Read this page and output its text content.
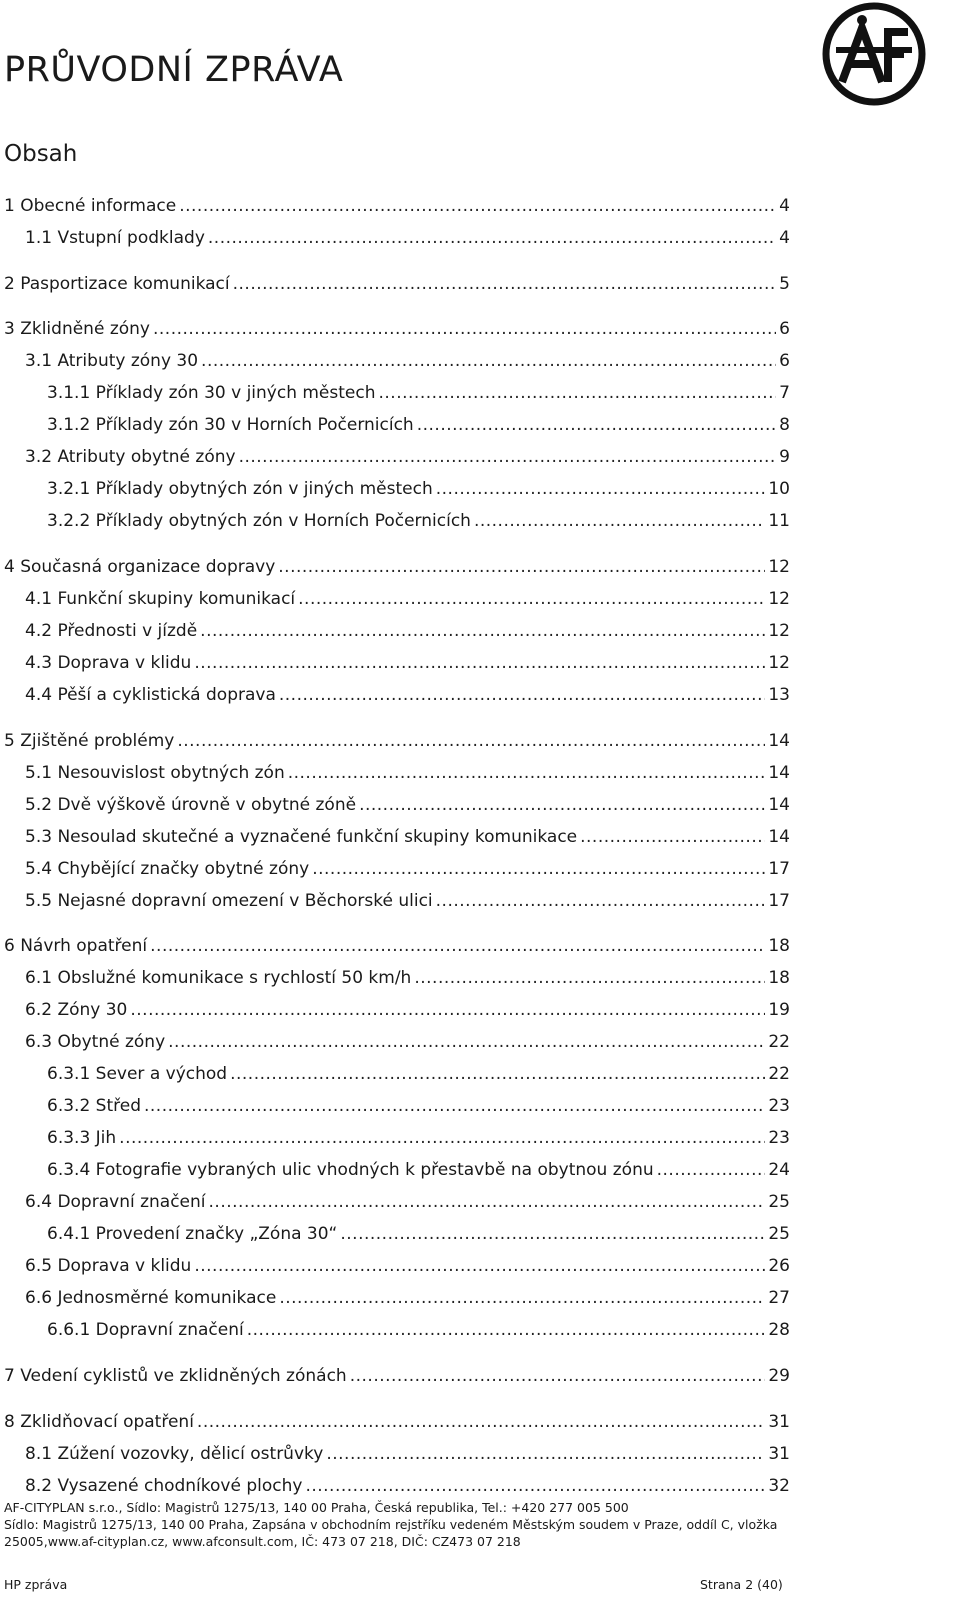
PRŮVODNÍ ZPRÁVA
Obsah
1 Obecné informace .....	4
1.1 Vstupní podklady .....	4
2 Pasportizace komunikací .....	5
3 Zklidněné zóny .....	6
3.1 Atributy zóny 30 .....	6
3.1.1 Příklady zón 30 v jiných městech .....	7
3.1.2 Příklady zón 30 v Horních Počernicích .....	8
3.2 Atributy obytné zóny .....	9
3.2.1 Příklady obytných zón v jiných městech .....	10
3.2.2 Příklady obytných zón v Horních Počernicích .....	11
4 Současná organizace dopravy .....	12
4.1 Funkční skupiny komunikací .....	12
4.2 Přednosti v jízdě .....	12
4.3 Doprava v klidu .....	12
4.4 Pěší a cyklistická doprava .....	13
5 Zjištěné problémy .....	14
5.1 Nesouvislost obytných zón .....	14
5.2 Dvě výškově úrovně v obytné zóně .....	14
5.3 Nesoulad skutečné a vyznačené funkční skupiny komunikace .....	14
5.4 Chybějící značky obytné zóny .....	17
5.5 Nejasné dopravní omezení v Běchorské ulici .....	17
6 Návrh opatření .....	18
6.1 Obslužné komunikace s rychlostí 50 km/h .....	18
6.2 Zóny 30 .....	19
6.3 Obytné zóny .....	22
6.3.1 Sever a východ .....	22
6.3.2 Střed .....	23
6.3.3 Jih .....	23
6.3.4 Fotografie vybraných ulic vhodných k přestavbě na obytnou zónu .....	24
6.4 Dopravní značení .....	25
6.4.1 Provedení značky „Zóna 30“ .....	25
6.5 Doprava v klidu .....	26
6.6 Jednosměrné komunikace .....	27
6.6.1 Dopravní značení .....	28
7 Vedení cyklistů ve zklidněných zónách .....	29
8 Zklidňovací opatření .....	31
8.1 Zúžení vozovky, dělicí ostrůvky .....	31
8.2 Vysazené chodníkové plochy .....	32
AF-CITYPLAN s.r.o., Sídlo: Magistrů 1275/13, 140 00 Praha, Česká republika, Tel.: +420 277 005 500
Sídlo: Magistrů 1275/13, 140 00 Praha, Zapsána v obchodním rejstříku vedeném Městským soudem v Praze, oddíl C, vložka
25005,www.af-cityplan.cz, www.afconsult.com, IČ: 473 07 218, DIČ: CZ473 07 218
HP zpráva	Strana 2 (40)
